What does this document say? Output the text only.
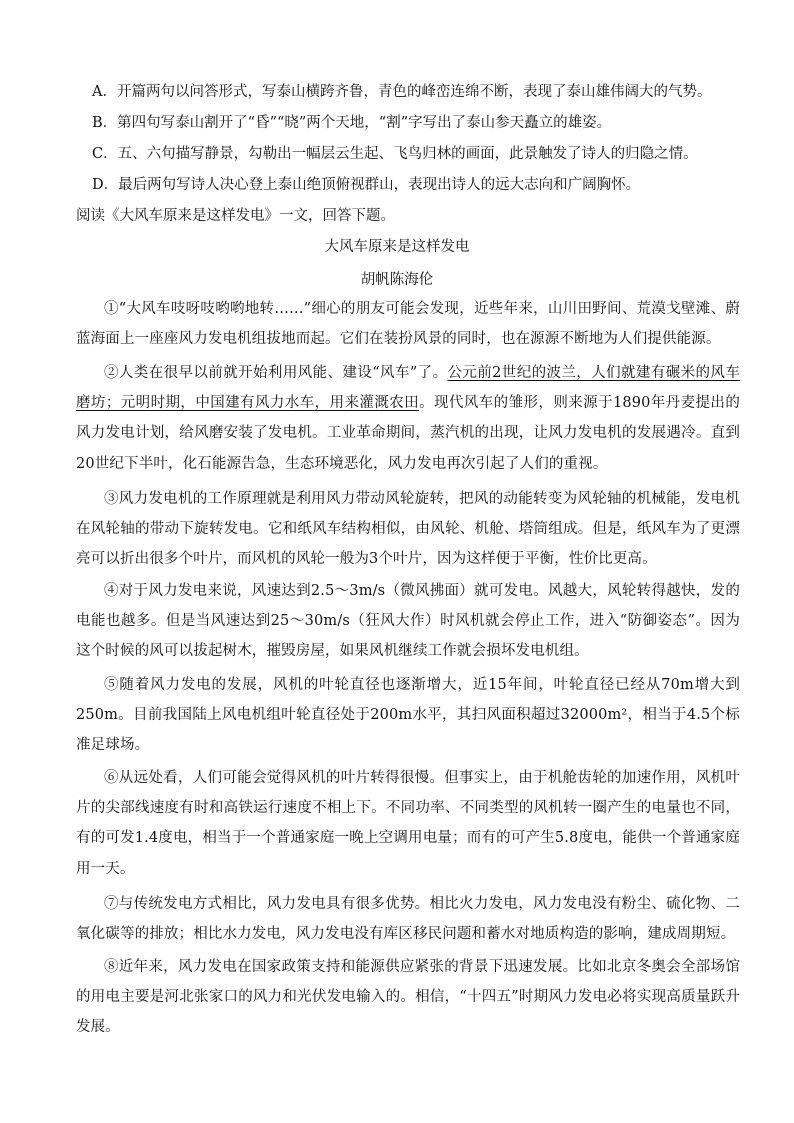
A．开篇两句以问答形式，写泰山横跨齐鲁，青色的峰峦连绵不断，表现了泰山雄伟阔大的气势。
B．第四句写泰山割开了“昏”“晓”两个天地，“割”字写出了泰山参天矗立的雄姿。
C．五、六句描写静景，勾勒出一幅层云生起、飞鸟归林的画面，此景触发了诗人的归隐之情。
D．最后两句写诗人决心登上泰山绝顶俯视群山，表现出诗人的远大志向和广阔胸怀。
阅读《大风车原来是这样发电》一文，回答下题。
大风车原来是这样发电
胡帆陈海伦
①“大风车吱呀吱哟哟地转……”细心的朋友可能会发现，近些年来，山川田野间、荒漠戈壁滩、蔚蓝海面上一座座风力发电机组拔地而起。它们在装扮风景的同时，也在源源不断地为人们提供能源。
②人类在很早以前就开始利用风能、建设“风车”了。公元前2世纪的波兰，人们就建有碾米的风车磨坊；元明时期，中国建有风力水车，用来灌溉农田。现代风车的雏形，则来源于1890年丹麦提出的风力发电计划，给风磨安装了发电机。工业革命期间，蒸汽机的出现，让风力发电机的发展遇冷。直到20世纪下半叶，化石能源告急，生态环境恶化，风力发电再次引起了人们的重视。
③风力发电机的工作原理就是利用风力带动风轮旋转，把风的动能转变为风轮轴的机械能，发电机在风轮轴的带动下旋转发电。它和纸风车结构相似，由风轮、机舱、塔筒组成。但是，纸风车为了更漂亮可以折出很多个叶片，而风机的风轮一般为3个叶片，因为这样便于平衡，性价比更高。
④对于风力发电来说，风速达到2.5～3m/s（微风拂面）就可发电。风越大，风轮转得越快，发的电能也越多。但是当风速达到25～30m/s（狂风大作）时风机就会停止工作，进入“防御姿态”。因为这个时候的风可以拔起树木，摧毁房屋，如果风机继续工作就会损坏发电机组。
⑤随着风力发电的发展，风机的叶轮直径也逐渐增大，近15年间，叶轮直径已经从70m增大到250m。目前我国陆上风电机组叶轮直径处于200m水平，其扫风面积超过32000m²，相当于4.5个标准足球场。
⑥从远处看，人们可能会觉得风机的叶片转得很慢。但事实上，由于机舱齿轮的加速作用，风机叶片的尖部线速度有时和高铁运行速度不相上下。不同功率、不同类型的风机转一圈产生的电量也不同，有的可发1.4度电，相当于一个普通家庭一晚上空调用电量；而有的可产生5.8度电，能供一个普通家庭用一天。
⑦与传统发电方式相比，风力发电具有很多优势。相比火力发电，风力发电没有粉尘、硫化物、二氧化碳等的排放；相比水力发电，风力发电没有库区移民问题和蓄水对地质构造的影响，建成周期短。
⑧近年来，风力发电在国家政策支持和能源供应紧张的背景下迅速发展。比如北京冬奥会全部场馆的用电主要是河北张家口的风力和光伏发电输入的。相信，“十四五”时期风力发电必将实现高质量跃升发展。
